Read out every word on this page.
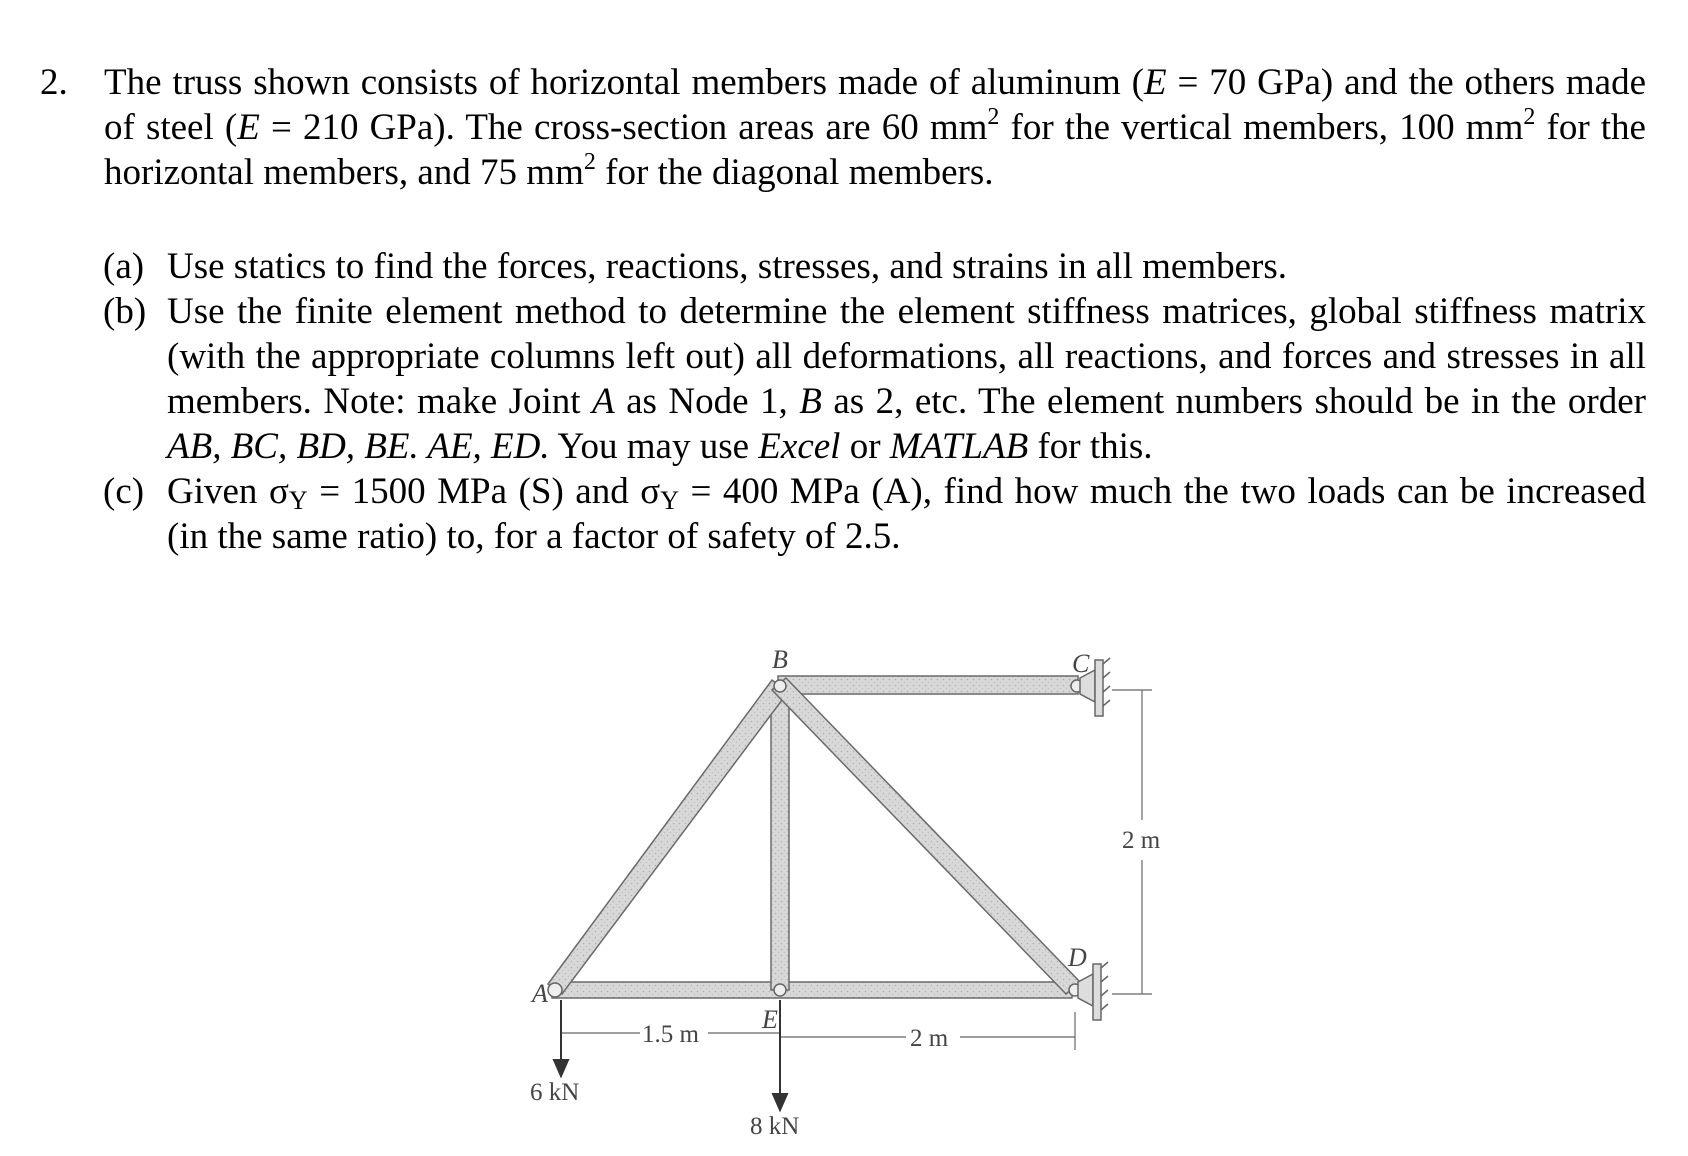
2. The truss shown consists of horizontal members made of aluminum (E = 70 GPa) and the others made of steel (E = 210 GPa). The cross-section areas are 60 $mm^2$ for the vertical members, 100 $mm^2$ for the horizontal members, and 75 $mm^2$ for the diagonal members.
(a) Use statics to find the forces, reactions, stresses, and strains in all members.
(b) Use the finite element method to determine the element stiffness matrices, global stiffness matrix (with the appropriate columns left out) all deformations, all reactions, and forces and stresses in all members. Note: make Joint A as Node 1, B as 2, etc. The element numbers should be in the order AB, BC, BD, BE. AE, ED. You may use Excel or MATLAB for this.
(c) Given $\sigma_Y = 1500$ MPa (S) and $\sigma_Y = 400$ MPa (A), find how much the two loads can be increased (in the same ratio) to, for a factor of safety of 2.5.
A
B	C
D
E
1.5 m	2 m
2 m
6 kN
8 kN
